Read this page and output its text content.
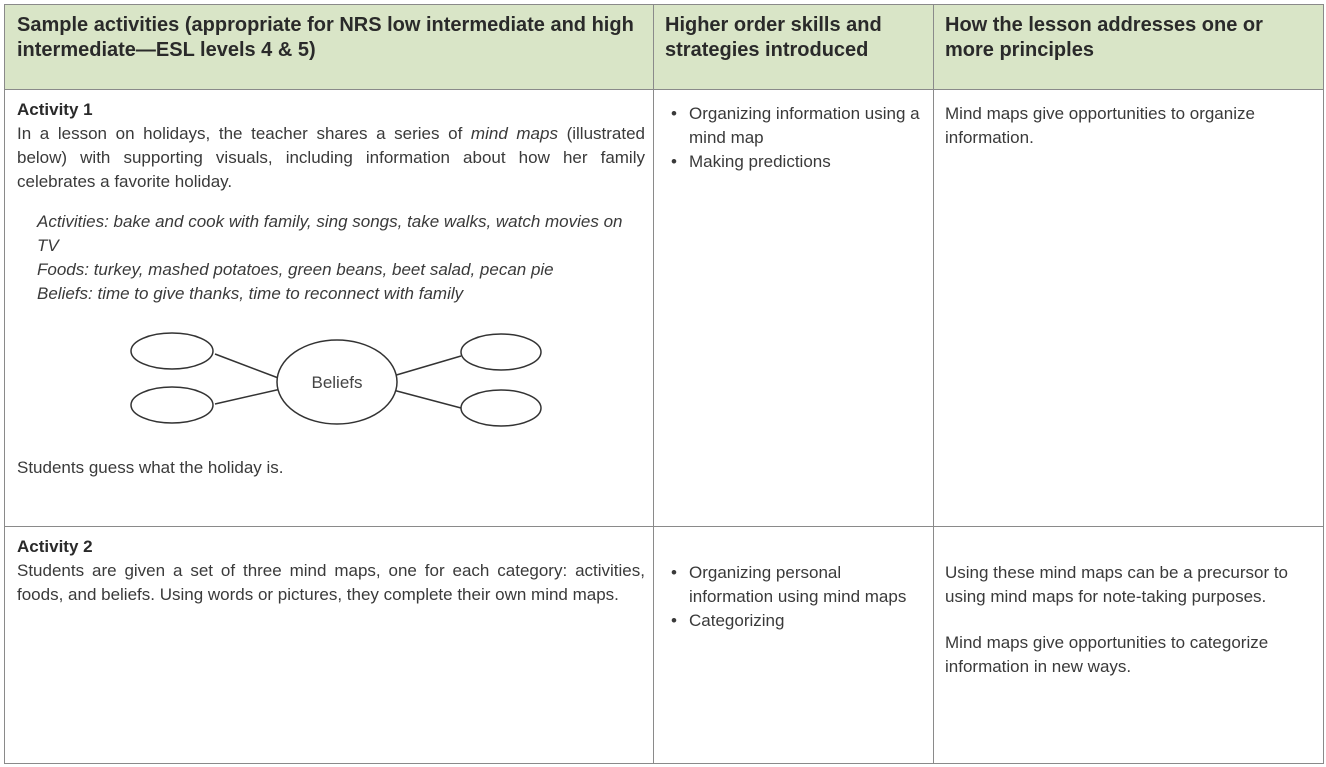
Sample activities (appropriate for NRS low intermediate and high intermediate—ESL levels 4 & 5)
Higher order skills and strategies introduced
How the lesson addresses one or more principles
Activity 1
In a lesson on holidays, the teacher shares a series of mind maps (illustrated below) with supporting visuals, including information about how her family celebrates a favorite holiday.
Activities: bake and cook with family, sing songs, take walks, watch movies on TV
Foods: turkey, mashed potatoes, green beans, beet salad, pecan pie
Beliefs: time to give thanks, time to reconnect with family
Beliefs
Students guess what the holiday is.
• Organizing information using a mind map
• Making predictions
Mind maps give opportunities to organize information.
Activity 2
Students are given a set of three mind maps, one for each category: activities, foods, and beliefs. Using words or pictures, they complete their own mind maps.
• Organizing personal information using mind maps
• Categorizing
Using these mind maps can be a precursor to using mind maps for note-taking purposes.
Mind maps give opportunities to categorize information in new ways.
